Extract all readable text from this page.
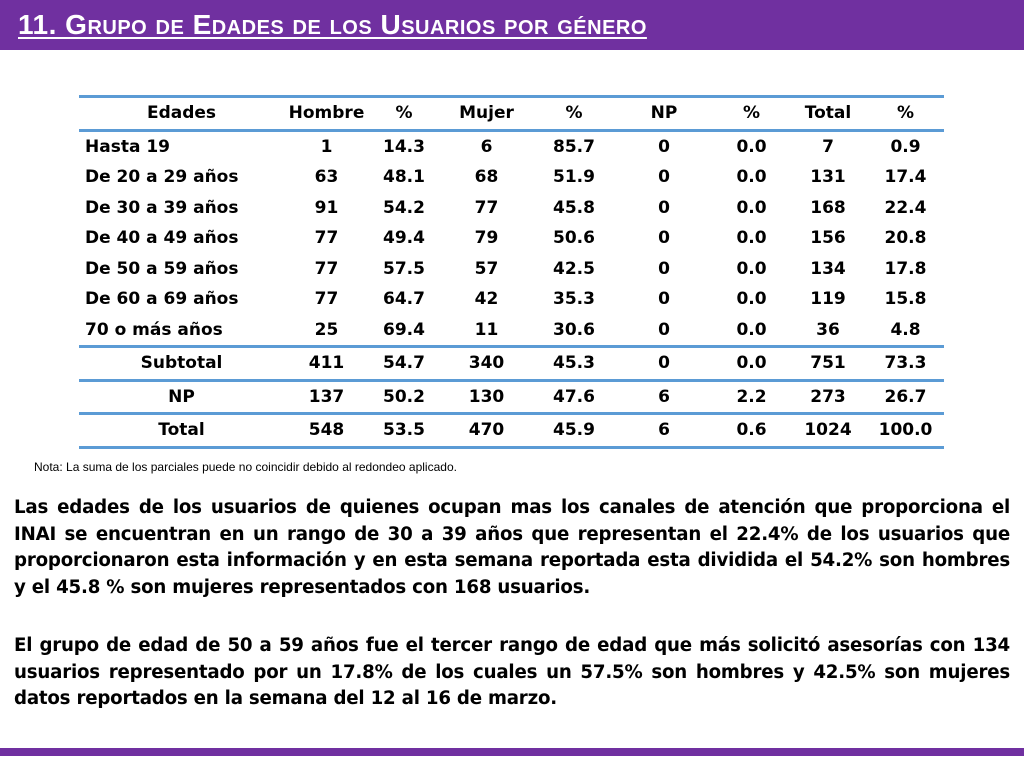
11. Grupo de Edades de los Usuarios por género
Edades	Hombre	%	Mujer	%	NP	%	Total	%
Hasta 19	1	14.3	6	85.7	0	0.0	7	0.9
De 20 a 29 años	63	48.1	68	51.9	0	0.0	131	17.4
De 30 a 39 años	91	54.2	77	45.8	0	0.0	168	22.4
De 40 a 49 años	77	49.4	79	50.6	0	0.0	156	20.8
De 50 a 59 años	77	57.5	57	42.5	0	0.0	134	17.8
De 60 a 69 años	77	64.7	42	35.3	0	0.0	119	15.8
70 o más años	25	69.4	11	30.6	0	0.0	36	4.8
Subtotal	411	54.7	340	45.3	0	0.0	751	73.3
NP	137	50.2	130	47.6	6	2.2	273	26.7
Total	548	53.5	470	45.9	6	0.6	1024	100.0
Nota: La suma de los parciales puede no coincidir debido al redondeo aplicado.
Las edades de los usuarios de quienes ocupan mas los canales de atención que proporciona el INAI se encuentran en un rango de 30 a 39 años que representan el 22.4% de los usuarios que proporcionaron esta información y en esta semana reportada esta dividida el 54.2% son hombres y el 45.8 % son mujeres representados con 168 usuarios.
El grupo de edad de 50 a 59 años fue el tercer rango de edad que más solicitó asesorías con 134 usuarios representado por un 17.8% de los cuales un 57.5% son hombres y 42.5% son mujeres datos reportados en la semana del 12 al 16 de marzo.
